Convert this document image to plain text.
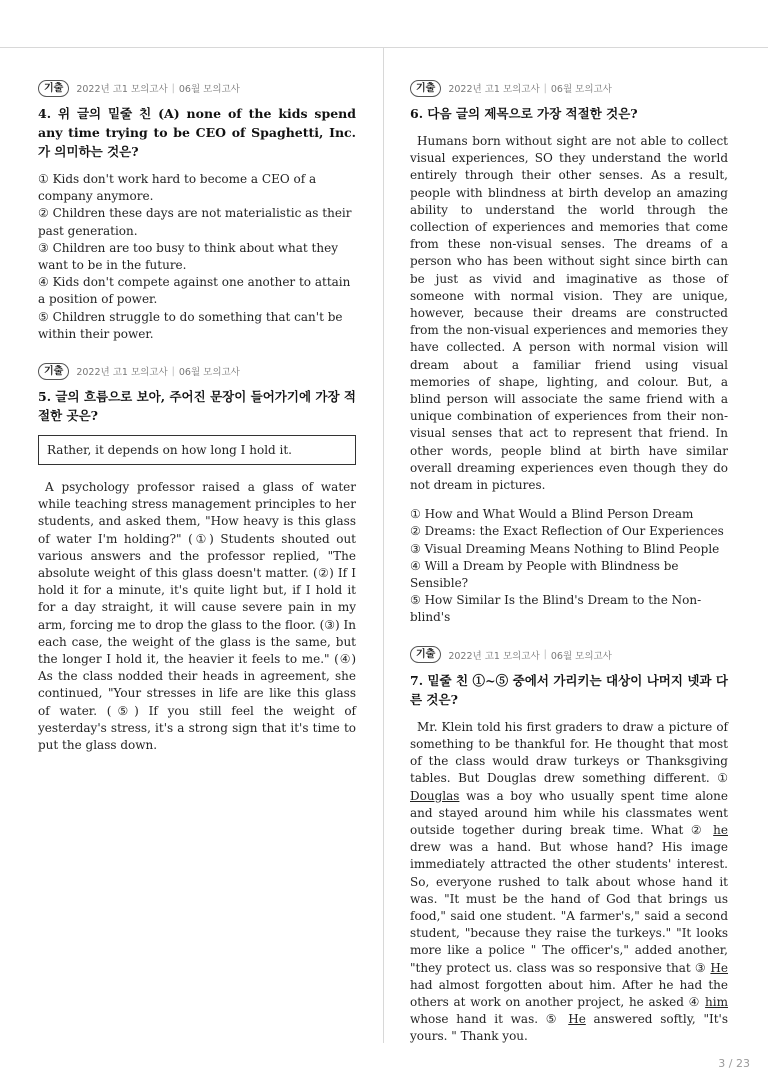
기출	2022년 고1 모의고사 | 06월 모의고사
4. 위 글의 밑줄 친 (A) none of the kids spend any time trying to be CEO of Spaghetti, Inc.가 의미하는 것은?
① Kids don't work hard to become a CEO of a company anymore.
② Children these days are not materialistic as their past generation.
③ Children are too busy to think about what they want to be in the future.
④ Kids don't compete against one another to attain a position of power.
⑤ Children struggle to do something that can't be within their power.
기출	2022년 고1 모의고사 | 06월 모의고사
5. 글의 흐름으로 보아, 주어진 문장이 들어가기에 가장 적절한 곳은?
Rather, it depends on how long I hold it.

A psychology professor raised a glass of water while teaching stress management principles to her students, and asked them, "How heavy is this glass of water I'm holding?" (①) Students shouted out various answers and the professor replied, "The absolute weight of this glass doesn't matter. (②) If I hold it for a minute, it's quite light but, if I hold it for a day straight, it will cause severe pain in my arm, forcing me to drop the glass to the floor. (③) In each case, the weight of the glass is the same, but the longer I hold it, the heavier it feels to me." (④) As the class nodded their heads in agreement, she continued, "Your stresses in life are like this glass of water. (⑤) If you still feel the weight of yesterday's stress, it's a strong sign that it's time to put the glass down.

기출	2022년 고1 모의고사 | 06월 모의고사
6. 다음 글의 제목으로 가장 적절한 것은?

Humans born without sight are not able to collect visual experiences, SO they understand the world entirely through their other senses. As a result, people with blindness at birth develop an amazing ability to understand the world through the collection of experiences and memories that come from these non-visual senses. The dreams of a person who has been without sight since birth can be just as vivid and imaginative as those of someone with normal vision. They are unique, however, because their dreams are constructed from the non-visual experiences and memories they have collected. A person with normal vision will dream about a familiar friend using visual memories of shape, lighting, and colour. But, a blind person will associate the same friend with a unique combination of experiences from their non-visual senses that act to represent that friend. In other words, people blind at birth have similar overall dreaming experiences even though they do not dream in pictures.

① How and What Would a Blind Person Dream
② Dreams: the Exact Reflection of Our Experiences
③ Visual Dreaming Means Nothing to Blind People
④ Will a Dream by People with Blindness be Sensible?
⑤ How Similar Is the Blind's Dream to the Non-blind's
기출	2022년 고1 모의고사 | 06월 모의고사
7. 밑줄 친 ①~⑤ 중에서 가리키는 대상이 나머지 넷과 다른 것은?

Mr. Klein told his first graders to draw a picture of something to be thankful for. He thought that most of the class would draw turkeys or Thanksgiving tables. But Douglas drew something different. ① Douglas was a boy who usually spent time alone and stayed around him while his classmates went outside together during break time. What ② he drew was a hand. But whose hand? His image immediately attracted the other students' interest. So, everyone rushed to talk about whose hand it was. "It must be the hand of God that brings us food," said one student. "A farmer's," said a second student, "because they raise the turkeys." "It looks more like a police " The officer's," added another, "they protect us. class was so responsive that ③ He had almost forgotten about him. After he had the others at work on another project, he asked ④ him whose hand it was. ⑤ He answered softly, "It's yours. " Thank you.

3 / 23
